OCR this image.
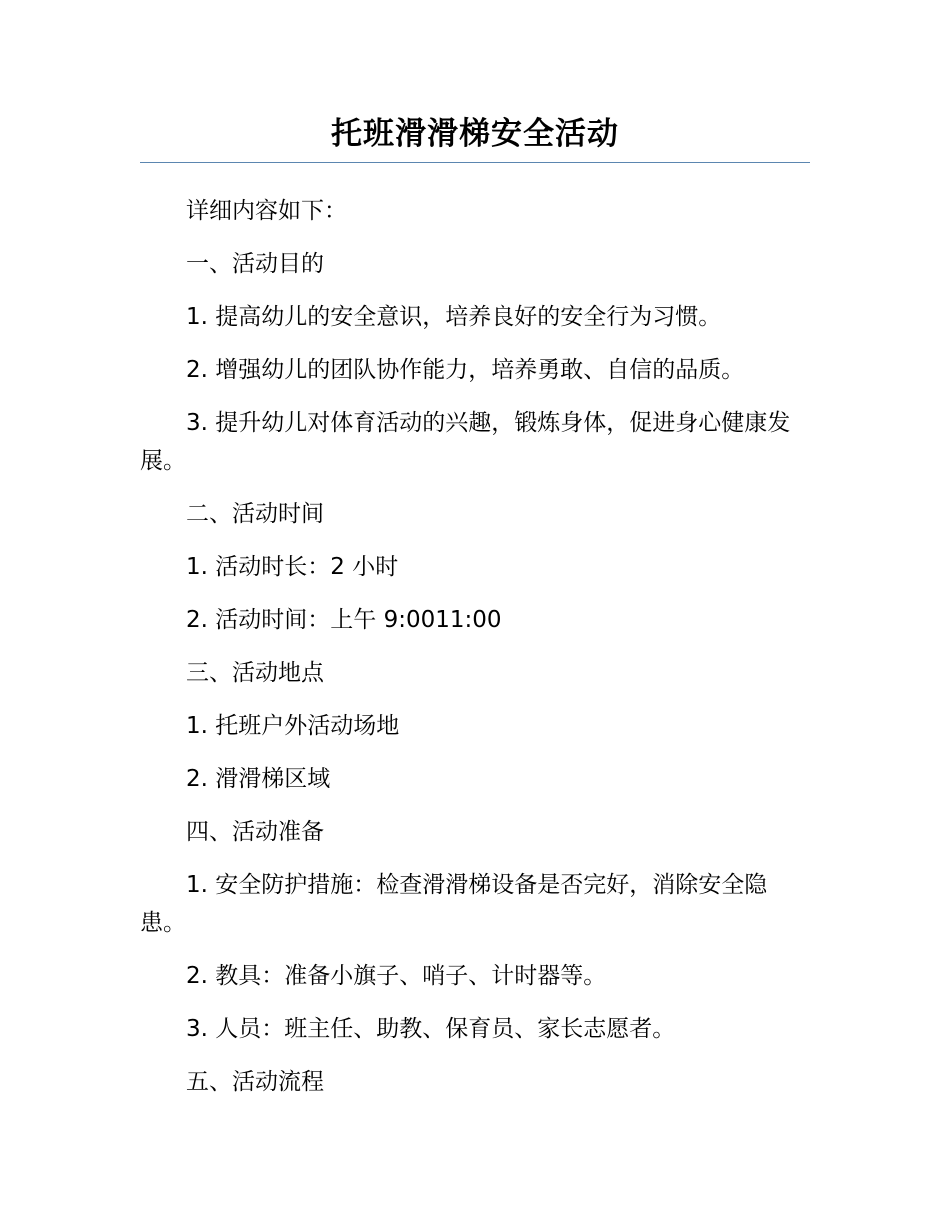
托班滑滑梯安全活动

详细内容如下：

一、活动目的

1. 提高幼儿的安全意识，培养良好的安全行为习惯。

2. 增强幼儿的团队协作能力，培养勇敢、自信的品质。

3. 提升幼儿对体育活动的兴趣，锻炼身体，促进身心健康发展。

二、活动时间

1. 活动时长：2 小时

2. 活动时间：上午 9:0011:00

三、活动地点

1. 托班户外活动场地

2. 滑滑梯区域

四、活动准备

1. 安全防护措施：检查滑滑梯设备是否完好，消除安全隐患。

2. 教具：准备小旗子、哨子、计时器等。

3. 人员：班主任、助教、保育员、家长志愿者。

五、活动流程
